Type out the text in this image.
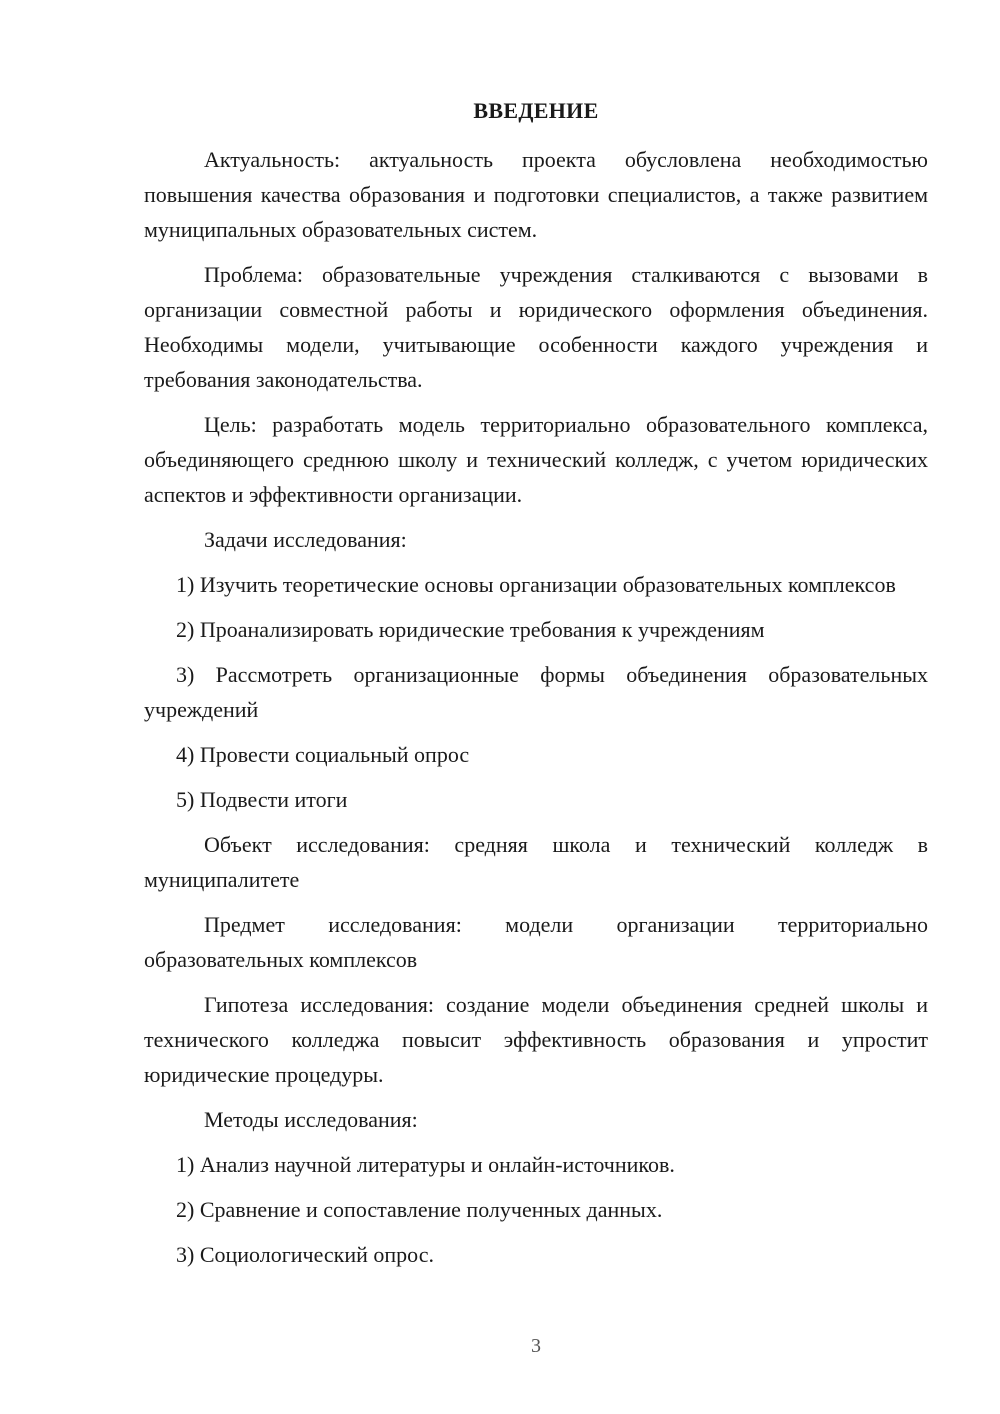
ВВЕДЕНИЕ

Актуальность: актуальность проекта обусловлена необходимостью повышения качества образования и подготовки специалистов, а также развитием муниципальных образовательных систем.

Проблема: образовательные учреждения сталкиваются с вызовами в организации совместной работы и юридического оформления объединения. Необходимы модели, учитывающие особенности каждого учреждения и требования законодательства.

Цель: разработать модель территориально образовательного комплекса, объединяющего среднюю школу и технический колледж, с учетом юридических аспектов и эффективности организации.

Задачи исследования:

1) Изучить теоретические основы организации образовательных комплексов

2) Проанализировать юридические требования к учреждениям

3) Рассмотреть организационные формы объединения образовательных учреждений

4) Провести социальный опрос

5) Подвести итоги

Объект исследования: средняя школа и технический колледж в муниципалитете

Предмет исследования: модели организации территориально образовательных комплексов

Гипотеза исследования: создание модели объединения средней школы и технического колледжа повысит эффективность образования и упростит юридические процедуры.

Методы исследования:

1) Анализ научной литературы и онлайн-источников.

2) Сравнение и сопоставление полученных данных.

3) Социологический опрос.

3
